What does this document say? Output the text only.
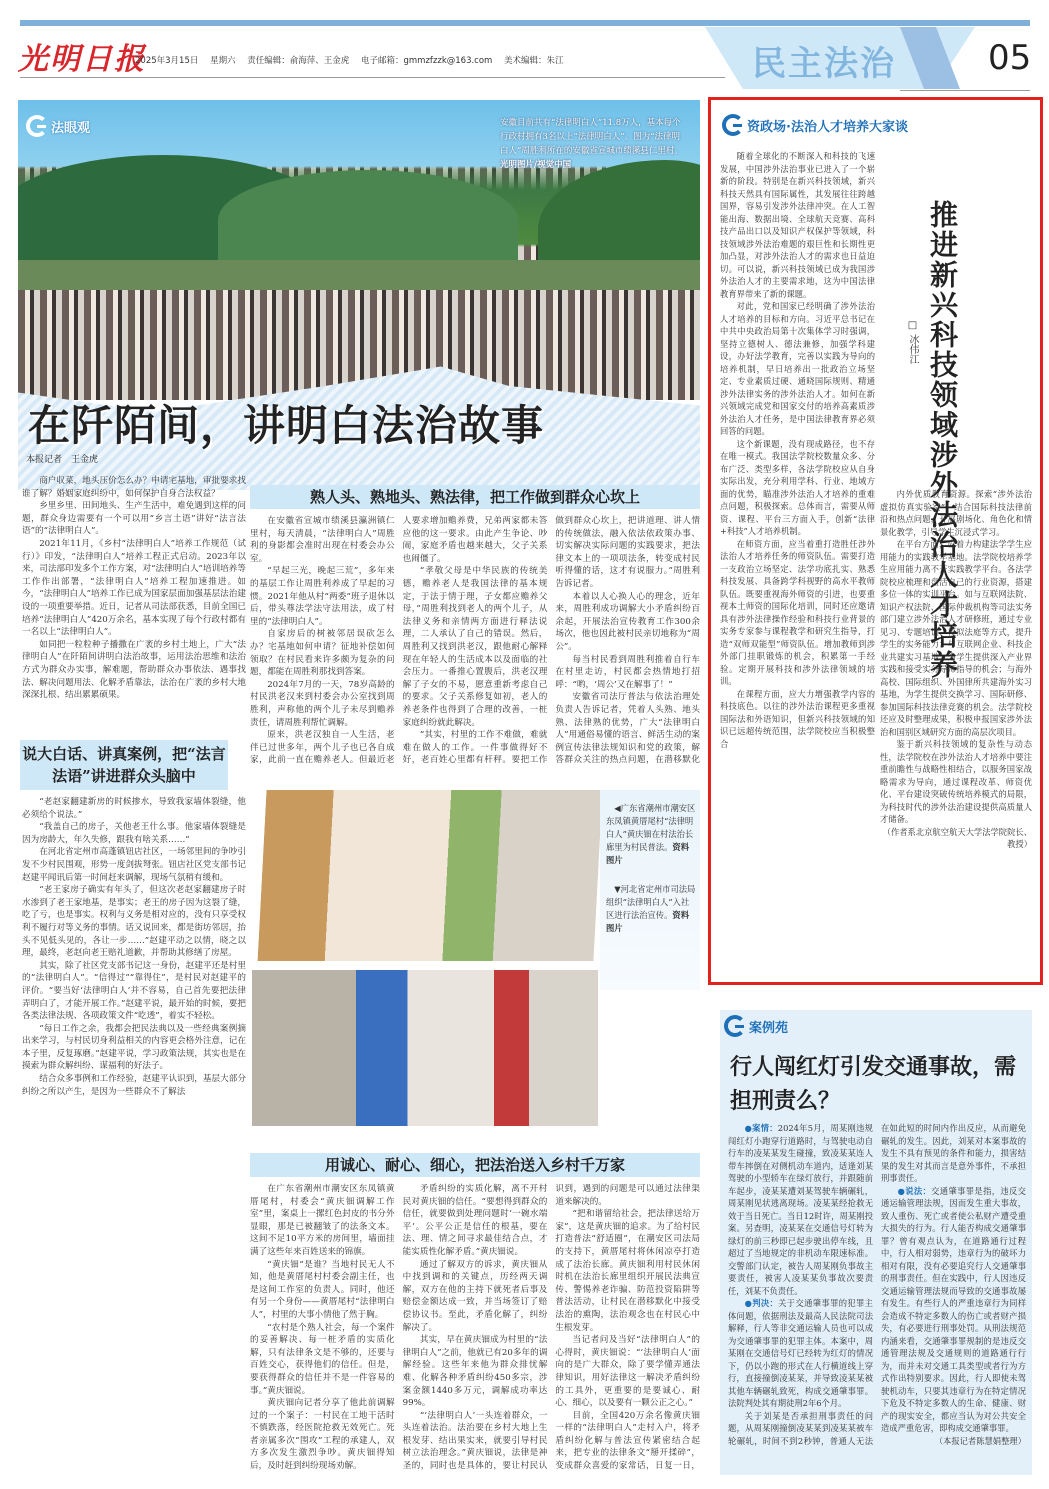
光明日报
2025年3月15日 星期六 责任编辑：俞海萍、王金虎 电子邮箱：gmmzfzzk@163.com 美术编辑：朱江	民主法治	05
法眼观	安徽目前共有“法律明白人”11.8万人，基本每个行政村拥有3名以上“法律明白人”。图为“法律明白人”周胜利所在的安徽省宣城市绩溪县仁里村。 光明图片/视觉中国
在阡陌间，讲明白法治故事
本报记者　王金虎

商户収菜，地头压价怎么办？申请宅基地，审批要求找谁了解？婚姻家庭纠纷中，如何保护自身合法权益？

乡里乡里、田间地头、生产生活中，难免遇到这样的问题，群众身边需要有一个可以用“乡言土语”讲好“法言法语”的“法律明白人”。

2021年11月，《乡村“法律明白人”培养工作规范（试行）》印发，“法律明白人”培养工程正式启动。2023年以来，司法部印发多个工作方案，对“法律明白人”培训培养等工作作出部署，“法律明白人”培养工程加速推进。如今，“法律明白人”培养工作已成为国家层面加强基层法治建设的一项重要举措。近日，记者从司法部获悉，目前全国已培养“法律明白人”420万余名，基本实现了每个行政村都有一名以上“法律明白人”。

如同把一粒粒种子播撒在广袤的乡村土地上，广大“法律明白人”在阡陌间讲明白法治故事，运用法治思维和法治方式为群众办实事，解难题，帮助群众办事依法、遇事找法、解决问题用法、化解矛盾靠法，法治在广袤的乡村大地深深扎根、结出累累硕果。

熟人头、熟地头、熟法律，把工作做到群众心坎上

在安徽省宣城市绩溪县瀛洲镇仁里村，每天清晨，“法律明白人”周胜利的身影都会准时出现在村委会办公室。

“早起三光，晚起三荒”，多年来的基层工作让周胜利养成了早起的习惯。2021年他从村“两委”班子退休以后，带头尊法学法守法用法，成了村里的“法律明白人”。

自家房后的树被邻居误砍怎么办？宅基地如何申请？征地补偿如何领取？在村民看来许多颇为复杂的问题，都能在周胜利那找到答案。

2024年7月的一天，78岁高龄的村民洪老汉来到村委会办公室找到周胜利，声称他的两个儿子未尽到赡养责任，请周胜利帮忙调解。

原来，洪老汉独自一人生活，老伴已过世多年，两个儿子也已各自成家，此前一直在赡养老人。但最近老人要求增加赡养费，兄弟两家都未答应他的这一要求。由此产生争论、吵闹，家庭矛盾也越来越大，父子关系也闹僵了。

“孝敬父母是中华民族的传统美德，赡养老人是我国法律的基本规定，于法于情于理，子女都应赡养父母，”周胜利找到老人的两个儿子，从法律义务和亲情两方面进行释法说理，二人承认了自己的错误。然后，周胜利又找到洪老汉，跟他耐心解释现在年轻人的生活成本以及面临的社会压力。一番推心置腹后，洪老汉理解了子女的不易，愿意重新考虑自己的要求。父子关系修复如初，老人的养老条件也得到了合理的改善，一桩家庭纠纷就此解决。

“其实，村里的工作不难做，难就难在做人的工作。一件事做得好不好，老百姓心里都有杆秤。要把工作做到群众心坎上，把讲道理、讲人情的传统做法，融入依法依政策办事、切实解决实际问题的实践要求，把法律文本上的一项项法条，转变成村民听得懂的话，这才有说服力。”周胜利告诉记者。

本着以人心换人心的理念，近年来，周胜利成功调解大小矛盾纠纷百余起，开展法治宣传教育工作300余场次，他也因此被村民亲切地称为“周公”。

每当村民看到周胜利推着自行车在村里走访，村民都会热情地打招呼：“哟，‘周公’又在解事了！”

安徽省司法厅普法与依法治理处负责人告诉记者，凭着人头熟、地头熟、法律熟的优势，广大“法律明白人”用通俗易懂的语言、鲜活生动的案例宣传法律法规知识和党的政策，解答群众关注的热点问题，在潜移默化

说大白话、讲真案例，把“法言法语”讲进群众头脑中

“老赵家翻建新房的时候掺水，导致我家墙体裂缝，他必须给个说法。”

“我盖自己的房子，关他老王什么事。他家墙体裂缝是因为房龄大，年久失修，跟我有啥关系……”

在河北省定州市高蓬镇钮店社区，一场邻里间的争吵引发不少村民围观，形势一度剑拔弩张。钮店社区党支部书记赵建平闻讯后第一时间赶来调解，现场气氛稍有缓和。

“老王家房子确实有年头了，但这次老赵家翻建房子时水渗到了老王家地基，是事实；老王的房子因为这裂了缝，吃了亏，也是事实。权利与义务是相对应的，没有只享受权利不履行对等义务的事情。话又说回来，都是街坊邻居，抬头不见低头见的，各让一步……”赵建平动之以情，晓之以理，最终，老赵向老王赔礼道歉，并帮助其修缮了房屋。

其实，除了社区党支部书记这一身份，赵建平还是村里的“法律明白人”。“信得过”“靠得住”，是村民对赵建平的评价。“要当好‘法律明白人’并不容易，自己首先要把法律弄明白了，才能开展工作。”赵建平说，最开始的时候，要把各类法律法规、各项政策文件“吃透”，着实不轻松。

“每日工作之余，我都会把民法典以及一些经典案例摘出来学习，与村民切身利益相关的内容更会格外注意，记在本子里，反复琢磨。”赵建平说，学习政策法规，其实也是在摸索为群众解纠纷、谋福利的好法子。

结合众多事例和工作经验，赵建平认识到，基层大部分纠纷之所以产生，是因为一些群众不了解法

◀广东省潮州市潮安区东凤镇黄厝尾村“法律明白人”黄庆钿在村法治长廊里为村民普法。资料图片
▼河北省定州市司法局组织“法律明白人”入社区进行法治宣传。资料图片
用诚心、耐心、细心，把法治送入乡村千万家

在广东省潮州市潮安区东凤镇黄厝尾村，村委会“黄庆钿调解工作室”里，案桌上一摞红色封皮的书分外显眼，那是已被翻皱了的法条文本。这间不足10平方米的房间里，墙面挂满了这些年来百姓送来的锦旗。

“黄庆钿”是谁？当地村民无人不知，他是黄厝尾村村委会副主任，也是这间工作室的负责人。同时，他还有另一个身份——黄厝尾村“法律明白人”，村里的大事小情他了然于胸。

“农村是个熟人社会，每一个案件的妥善解决、每一桩矛盾的实质化解，只有法律条文是不够的，还要与百姓交心，获得他们的信任。但是，要获得群众的信任并不是一件容易的事。”黄庆钿说。

黄庆钿向记者分享了他此前调解过的一个案子：一村民在工地干活时不慎跌落，经医院抢救无效死亡。死者亲属多次“围攻”工程的承建人，双方多次发生激烈争吵。黄庆钿得知后，及时赶到纠纷现场劝解。

矛盾纠纷的实质化解，离不开村民对黄庆钿的信任。“要想得到群众的信任，就要做到处理问题时‘一碗水端平’。公平公正是信任的根基，要在法、理、情之间寻求最佳结合点，才能实质性化解矛盾。”黄庆钿说。

通过了解双方的诉求，黄庆钿从中找到调和的关键点，历经两天调解，双方在他的主持下就死者后事及赔偿金额达成一致，并当场签订了赔偿协议书。至此，矛盾化解了，纠纷解决了。

其实，早在黄庆钿成为村里的“法律明白人”之前，他就已有20多年的调解经验。这些年来他为群众排忧解难、化解各种矛盾纠纷450多宗，涉案金额1440多万元，调解成功率达99%。

“‘法律明白人’一头连着群众，一头连着法治。法治要在乡村大地上生根发芽、结出果实来，就要引导村民树立法治理念。”黄庆钿说，法律是神圣的，同时也是具体的，要让村民认识到，遇到的问题是可以通过法律渠道来解决的。

“把和谐留给社会，把法律送给万家”，这是黄庆钿的追求。为了给村民打造普法“舒适圈”，在潮安区司法局的支持下，黄厝尾村将休闲凉亭打造成了法治长廊。黄庆钿利用村民休闲时机在法治长廊里组织开展民法典宣传、警惕养老诈骗、防范投资陷阱等普法活动，让村民在潜移默化中接受法治的熏陶，法治观念也在村民心中生根发芽。

当记者问及当好“法律明白人”的心得时，黄庆钿说：“‘法律明白人’面向的是广大群众，除了要学懂弄通法律知识，用好法律这一解决矛盾纠纷的工具外，更重要的是要诚心、耐心、细心，以及要有一颗公正之心。”

目前，全国420万余名像黄庆钿一样的“法律明白人”走村入户，将矛盾纠纷化解与普法宣传紧密结合起来，把专业的法律条文“掰开揉碎”，变成群众喜爱的家常话，日复一日，

资政场·法治人才培养大家谈
推进新兴科技领域涉外法治人才培养
□ 冰伟江

随着全球化的不断深入和科技的飞速发展，中国涉外法治事业已进入了一个崭新的阶段。特别是在新兴科技领域，新兴科技天然具有国际属性，其发展往往跨越国界，容易引发涉外法律冲突。在人工智能出海、数据出境、全球航天竞赛、高科技产品出口以及知识产权保护等领域，科技领域涉外法治难题的艰巨性和长期性更加凸显，对涉外法治人才的需求也日益迫切。可以说，新兴科技领域已成为我国涉外法治人才的主要需求地，这为中国法律教育界带来了新的课题。

对此，党和国家已经明确了涉外法治人才培养的目标和方向。习近平总书记在中共中央政治局第十次集体学习时强调，坚持立德树人、德法兼修，加强学科建设，办好法学教育，完善以实践为导向的培养机制，早日培养出一批政治立场坚定、专业素质过硬、通晓国际规则、精通涉外法律实务的涉外法治人才。如何在新兴领域完成党和国家交付的培养高素质涉外法治人才任务，是中国法律教育界必须回答的问题。

这个新课题，没有现成路径，也不存在唯一模式。我国法学院校数量众多、分布广泛、类型多样，各法学院校应从自身实际出发，充分利用学科、行业、地域方面的优势，瞄准涉外法治人才培养的重难点问题，积极探索。总体而言，需要从师资、课程、平台三方面入手，创新“法律+科技”人才培养机制。

在师资方面，应当着重打造胜任涉外法治人才培养任务的师资队伍。需要打造一支政治立场坚定、法学功底扎实、熟悉科技发展、具备跨学科视野的高水平教师队伍。既要重视海外师资的引进，也要重视本土师资的国际化培训，同时还应邀请具有涉外法律操作经验和科技行业背景的实务专家参与课程教学和研究生指导，打造“双师双能型”师资队伍。增加教师到涉外部门挂职锻炼的机会，积累第一手经验。定期开展科技和涉外法律领域的培训。

在课程方面，应大力增强教学内容的科技底色。以往的涉外法治课程更多重视国际法和外语知识，但新兴科技领域的知识已远超传统范围，法学院校应当积极整合

内外优质教育资源。探索“涉外法治虚拟仿真实验室”，结合国际科技法律前沿和热点问题，开展剧场化、角色化和情景化教学，引导学生沉浸式学习。

在平台方面，应着力构建法学学生应用能力的实践教学基地。法学院校培养学生应用能力离不开实践教学平台。各法学院校应梳理和盘活自己的行业资源，搭建多位一体的实训平台。如与互联网法院、知识产权法院、国际仲裁机构等司法实务部门建立涉外法治人才研修班，通过专业见习、专题培训、模拟法庭等方式，提升学生的实务能力；与互联网企业、科技企业共建实习基地，为学生提供深入产业界实践和接受实务导师指导的机会；与海外高校、国际组织、外国律所共建海外实习基地，为学生提供交换学习、国际研修、参加国际科技法律竞赛的机会。法学院校还应及时整理成果，积极申报国家涉外法治和国别区域研究方面的高层次项目。

鉴于新兴科技领域的复杂性与动态性，法学院校在涉外法治人才培养中要注重前瞻性与战略性相结合，以服务国家战略需求为导向，通过课程改革、师资优化、平台建设突破传统培养模式的局限，为科技时代的涉外法治建设提供高质量人才储备。

（作者系北京航空航天大学法学院院长、教授）

案例苑
行人闯红灯引发交通事故，需担刑责么？

●案情：2024年5月，周某刚违规闯红灯小跑穿行道路时，与驾驶电动自行车的凌某某发生碰撞，致凌某某连人带车摔倒在对侧机动车道内，适逢刘某驾驶的小型轿车在绿灯放行，并跟随前车起步，凌某某遭刘某驾驶车辆碾轧，周某刚见状逃离现场。凌某某经抢救无效于当日死亡。当日12时许，周某刚投案。另查明，凌某某在交通信号灯转为绿灯的前三秒即已起步驶出停车线，且超过了当地规定的非机动车限速标准。交警部门认定，被告人周某刚负事故主要责任，被害人凌某某负事故次要责任，刘某不负责任。

●判决：关于交通肇事罪的犯罪主体问题，依据刑法及最高人民法院司法解释，行人等非交通运输人员也可以成为交通肇事罪的犯罪主体。本案中，周某刚在交通信号灯已经转为红灯的情况下，仍以小跑的形式在人行横道线上穿行，直接撞倒凌某某，并导致凌某某被其他车辆碾轧致死，构成交通肇事罪。法院判处其有期徒刑2年6个月。

关于刘某是否承担刑事责任的问题，从周某刚撞倒凌某某到凌某某被车轮碾轧，时间不到2秒钟，普通人无法在如此短的时间内作出反应，从而避免碾轧的发生。因此，刘某对本案事故的发生不具有预见的条件和能力，损害结果的发生对其而言是意外事件，不承担刑事责任。

●说法：交通肇事罪是指，违反交通运输管理法规，因而发生重大事故，致人重伤、死亡或者使公私财产遭受重大损失的行为。行人能否构成交通肇事罪？曾有观点认为，在道路通行过程中，行人相对弱势，违章行为的破坏力相对有限，没有必要追究行人交通肇事的刑事责任。但在实践中，行人因违反交通运输管理法规而导致的交通事故屡有发生。有些行人的严重违章行为同样会造成不特定多数人的伤亡或者财产损失，有必要进行刑事处罚。从刑法规范内涵来看，交通肇事罪规制的是违反交通管理法规及交通规则的道路通行行为，而并未对交通工具类型或者行为方式作出特别要求。因此，行人即使未驾驶机动车，只要其违章行为在特定情况下危及不特定多数人的生命、健康、财产的现实安全，都应当认为对公共安全造成严重危害，即构成交通肇事罪。

（本报记者陈慧娟整理）
